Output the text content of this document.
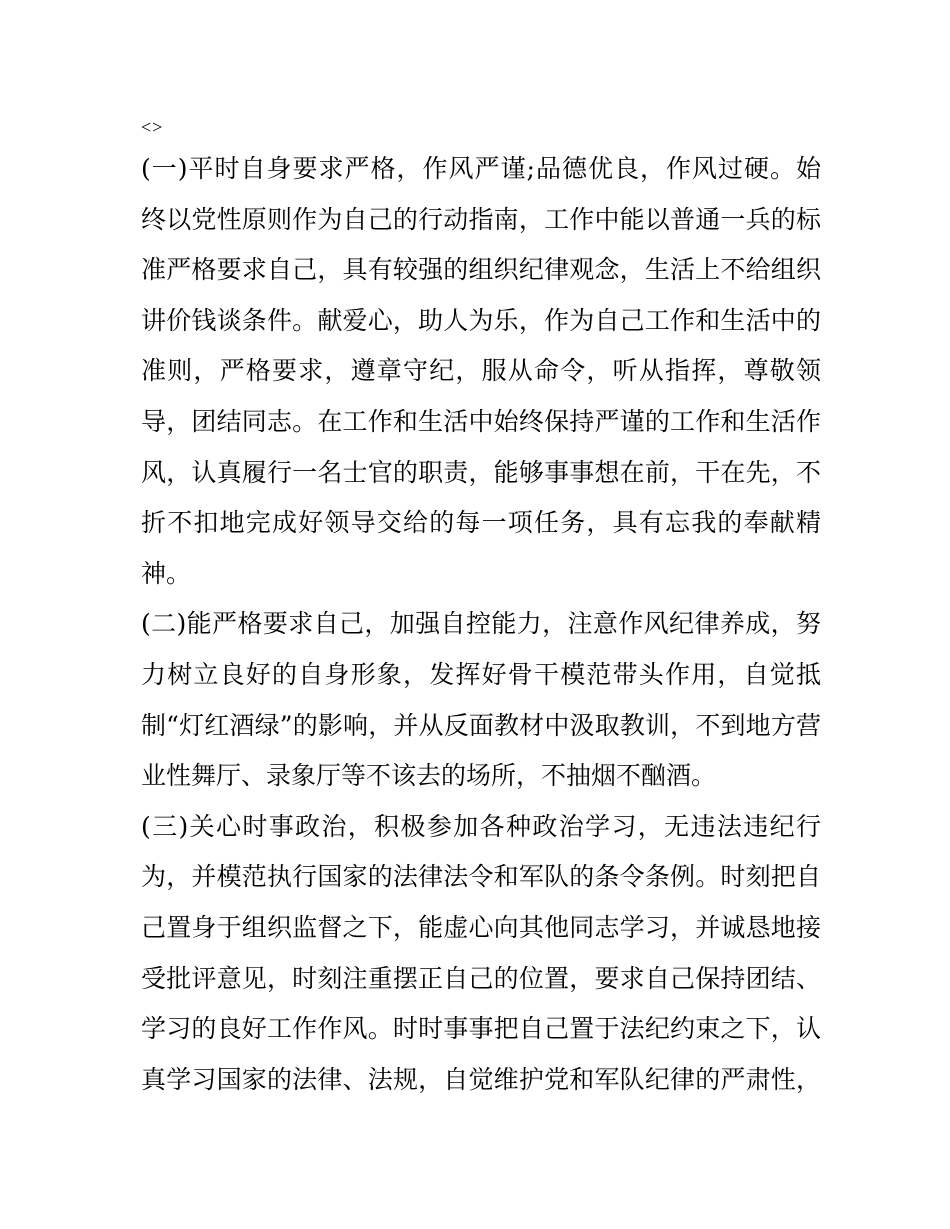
<>
(一)平时自身要求严格，作风严谨;品德优良，作风过硬。始
终以党性原则作为自己的行动指南，工作中能以普通一兵的标
准严格要求自己，具有较强的组织纪律观念，生活上不给组织
讲价钱谈条件。献爱心，助人为乐，作为自己工作和生活中的
准则，严格要求，遵章守纪，服从命令，听从指挥，尊敬领
导，团结同志。在工作和生活中始终保持严谨的工作和生活作
风，认真履行一名士官的职责，能够事事想在前，干在先，不
折不扣地完成好领导交给的每一项任务，具有忘我的奉献精
神。
(二)能严格要求自己，加强自控能力，注意作风纪律养成，努
力树立良好的自身形象，发挥好骨干模范带头作用，自觉抵
制“灯红酒绿”的影响，并从反面教材中汲取教训，不到地方营
业性舞厅、录象厅等不该去的场所，不抽烟不酗酒。
(三)关心时事政治，积极参加各种政治学习，无违法违纪行
为，并模范执行国家的法律法令和军队的条令条例。时刻把自
己置身于组织监督之下，能虚心向其他同志学习，并诚恳地接
受批评意见，时刻注重摆正自己的位置，要求自己保持团结、
学习的良好工作作风。时时事事把自己置于法纪约束之下，认
真学习国家的法律、法规，自觉维护党和军队纪律的严肃性，
